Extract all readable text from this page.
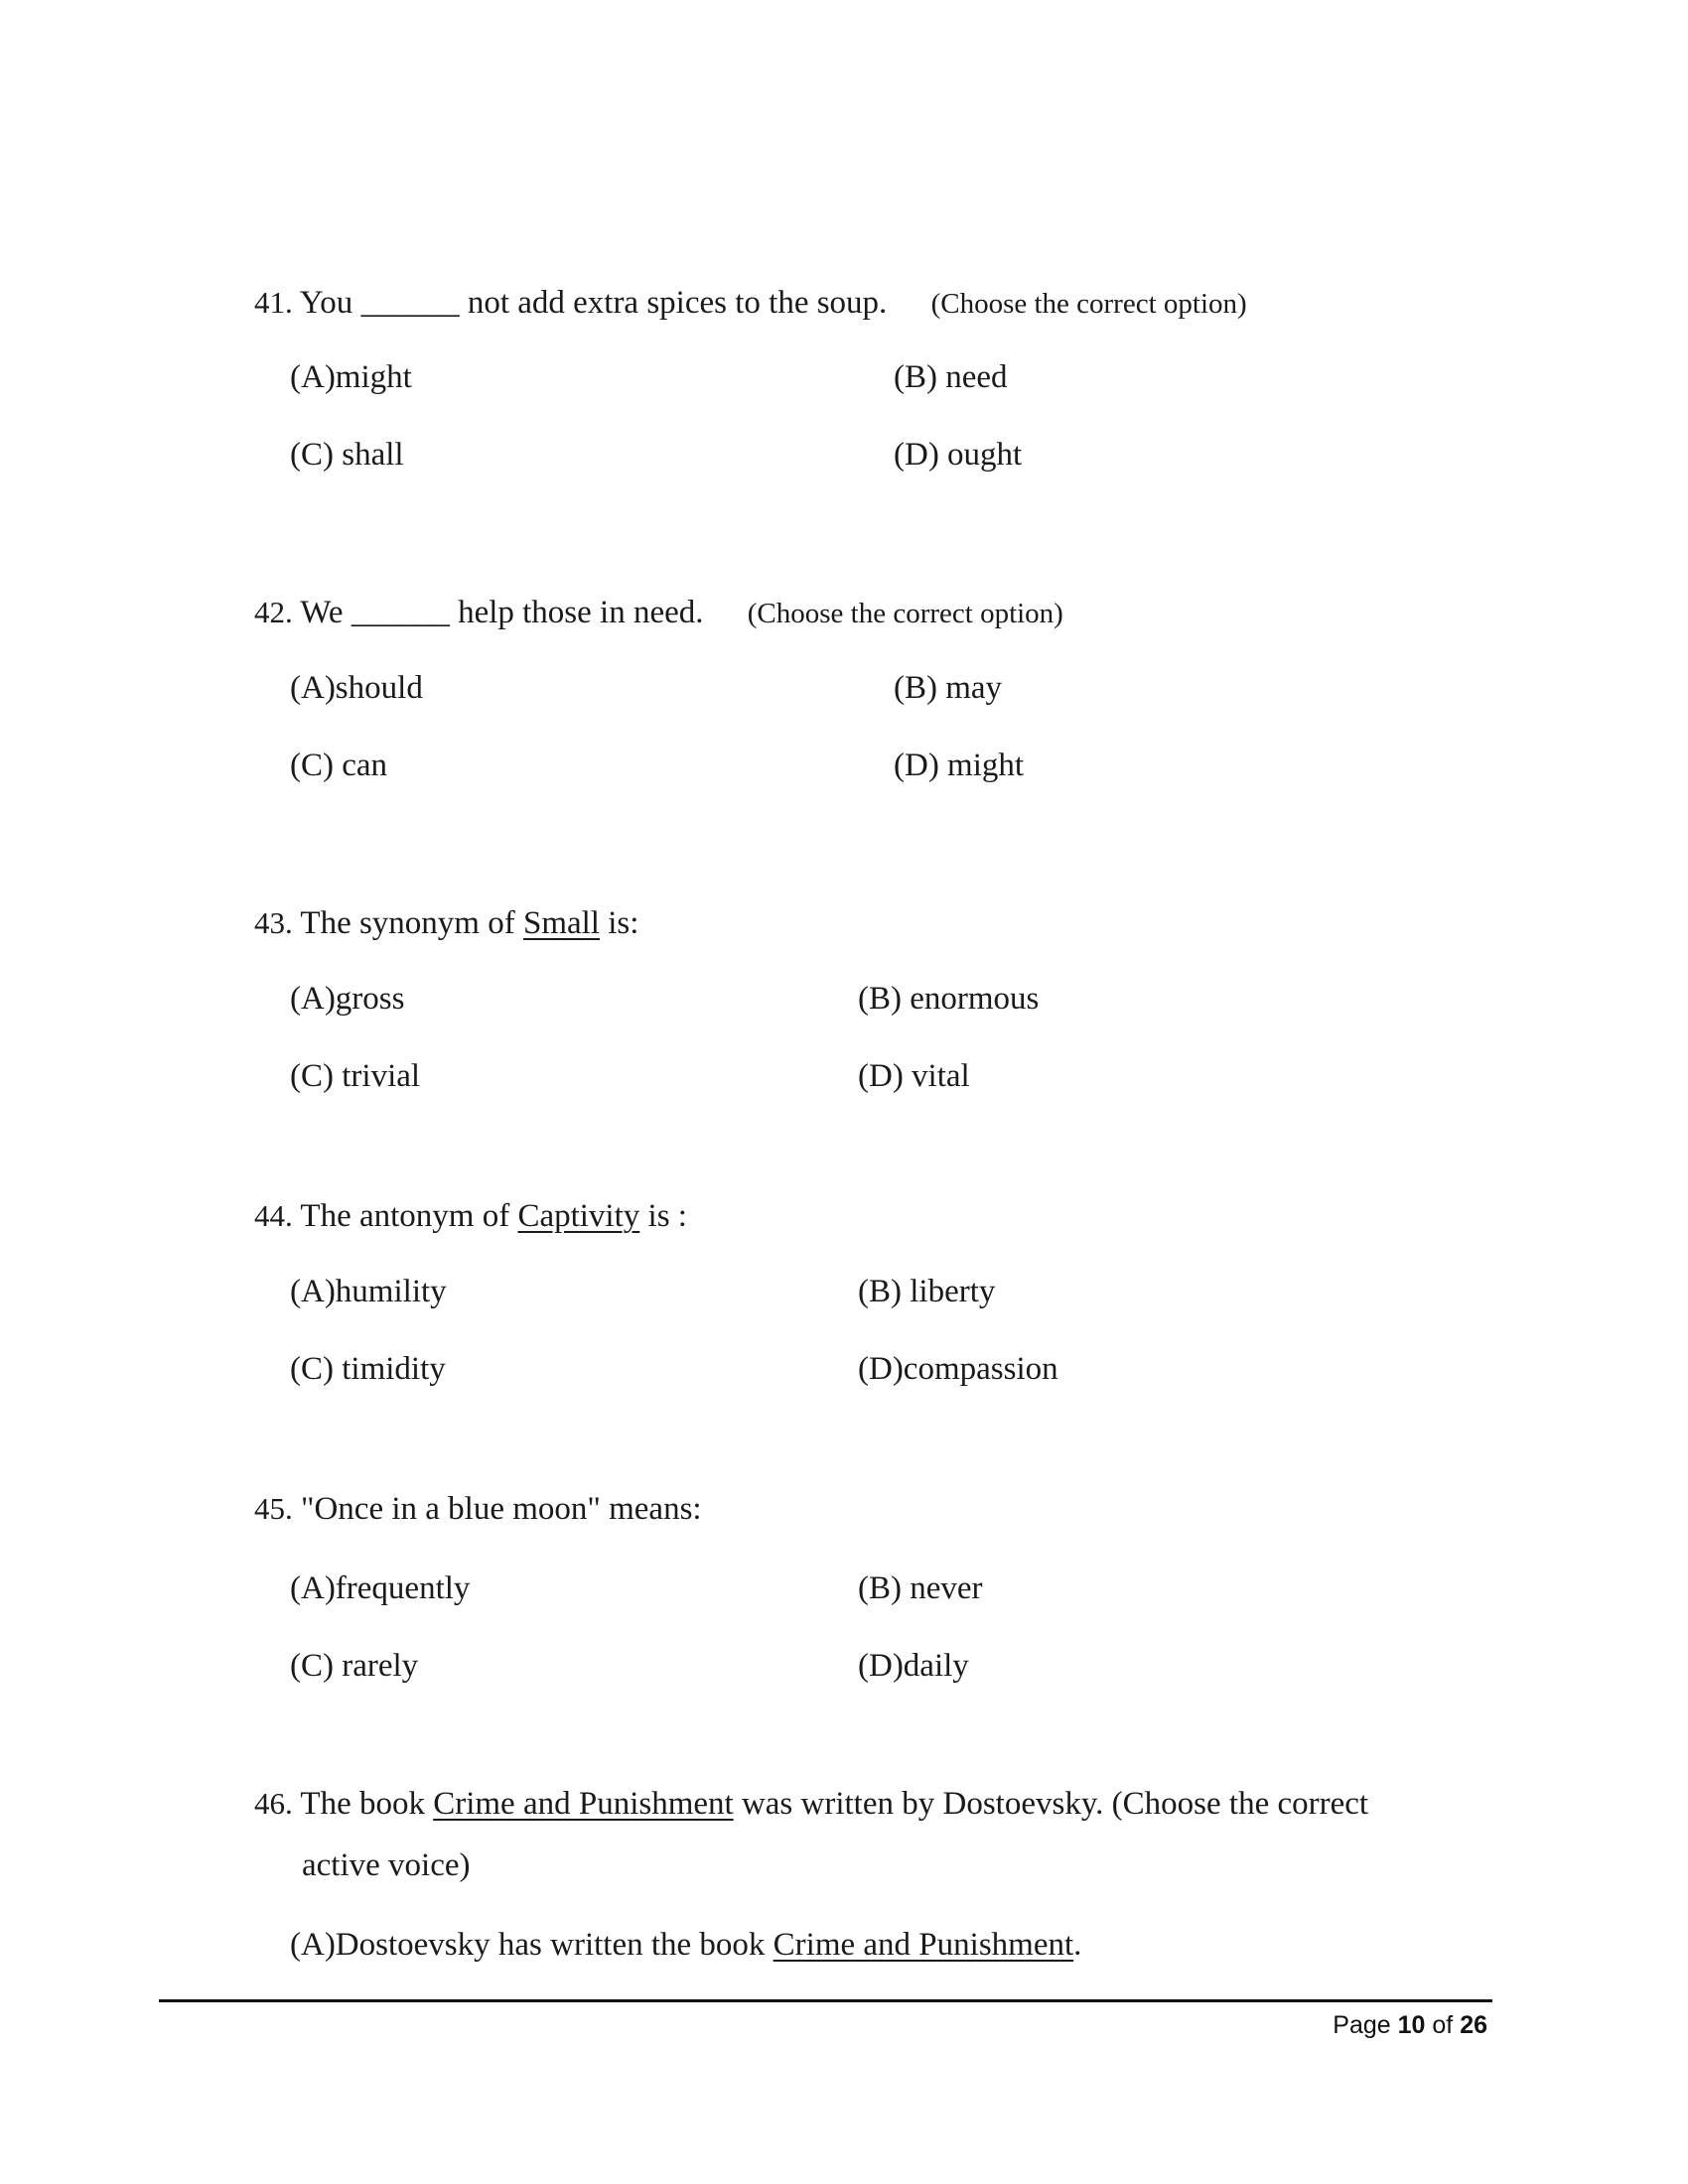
41. You ______ not add extra spices to the soup. (Choose the correct option)
(A)might	(B) need
(C) shall	(D) ought
42. We ______ help those in need. (Choose the correct option)
(A)should	(B) may
(C) can	(D) might
43. The synonym of Small is:
(A)gross	(B) enormous
(C) trivial	(D) vital
44. The antonym of Captivity is :
(A)humility	(B) liberty
(C) timidity	(D)compassion
45. "Once in a blue moon" means:
(A)frequently	(B) never
(C) rarely	(D)daily
46. The book Crime and Punishment was written by Dostoevsky. (Choose the correct
active voice)
(A)Dostoevsky has written the book Crime and Punishment.
Page 10 of 26
